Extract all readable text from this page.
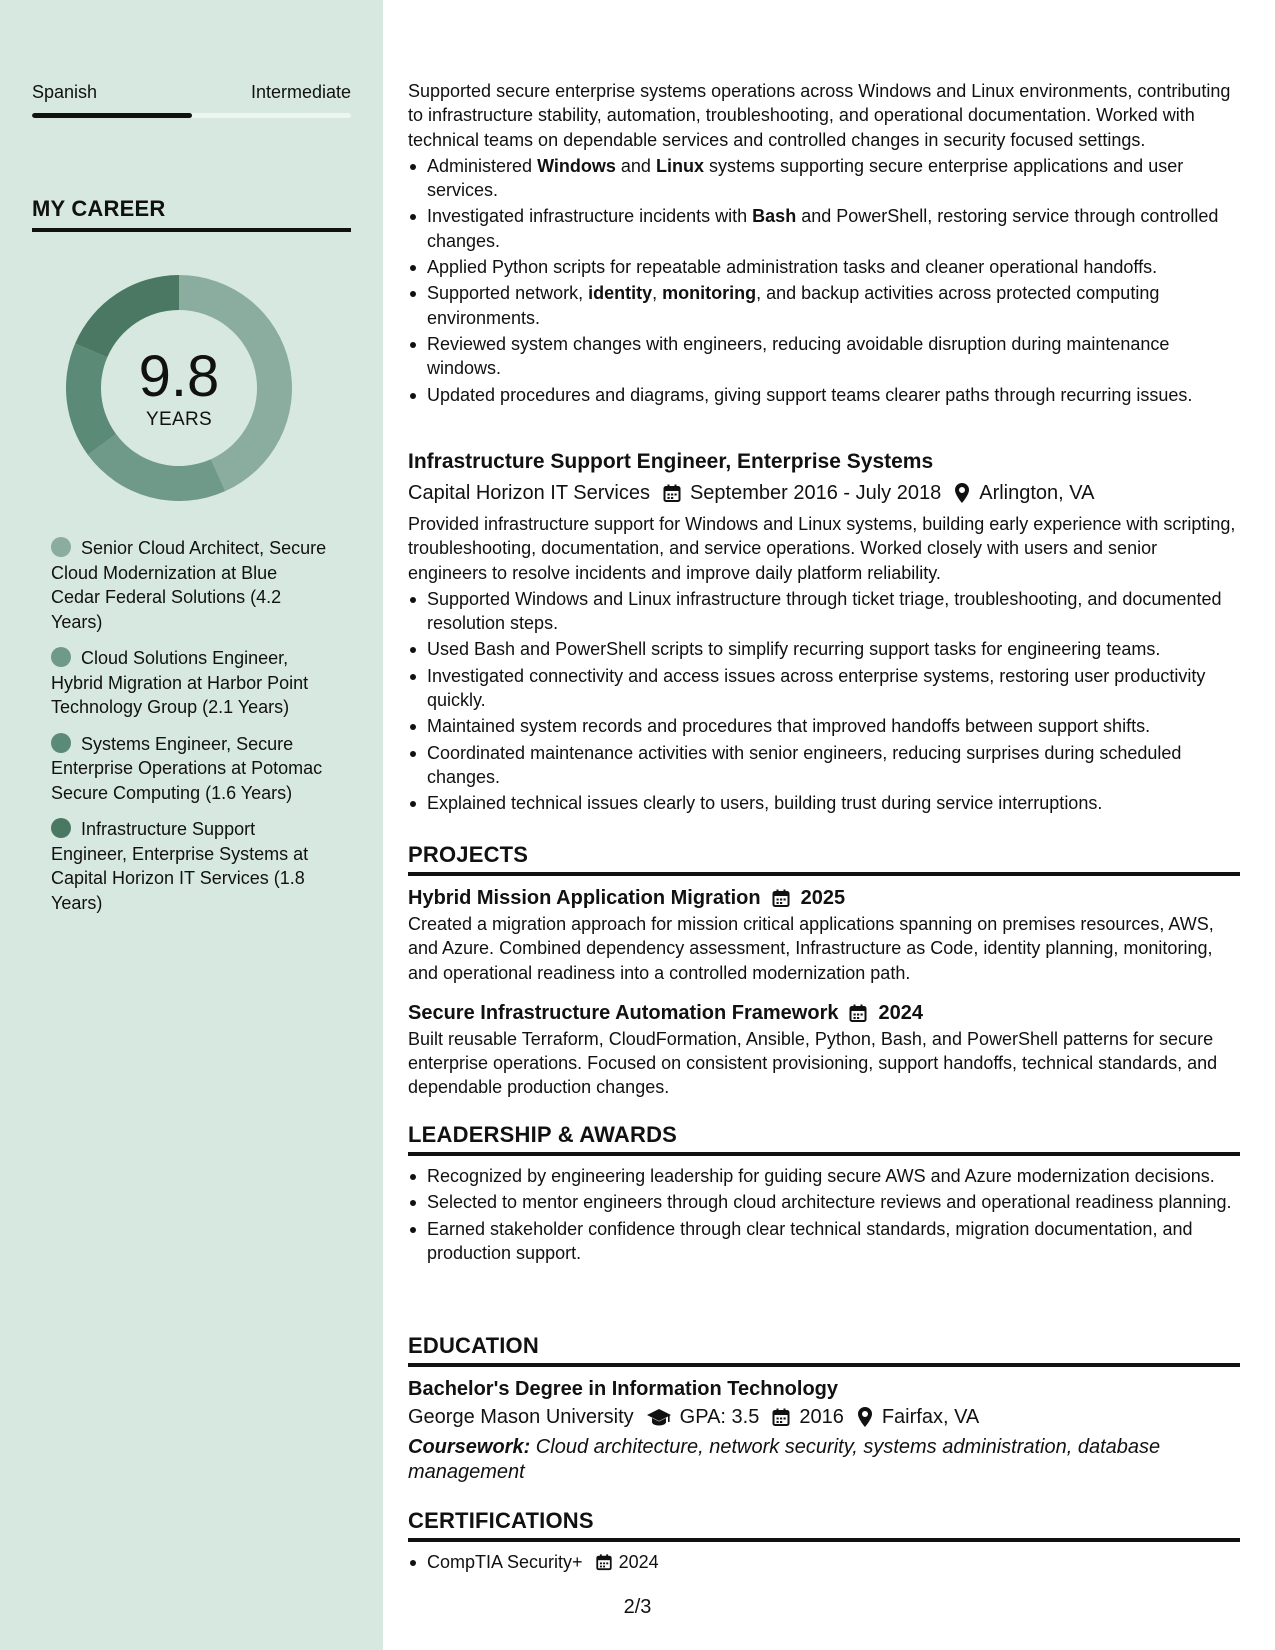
Spanish	Intermediate
MY CAREER
9.8
YEARS
Senior Cloud Architect, Secure Cloud Modernization at Blue Cedar Federal Solutions (4.2 Years)
Cloud Solutions Engineer, Hybrid Migration at Harbor Point Technology Group (2.1 Years)
Systems Engineer, Secure Enterprise Operations at Potomac Secure Computing (1.6 Years)
Infrastructure Support Engineer, Enterprise Systems at Capital Horizon IT Services (1.8 Years)

Supported secure enterprise systems operations across Windows and Linux environments, contributing to infrastructure stability, automation, troubleshooting, and operational documentation. Worked with technical teams on dependable services and controlled changes in security focused settings.

Administered Windows and Linux systems supporting secure enterprise applications and user services.
Investigated infrastructure incidents with Bash and PowerShell, restoring service through controlled changes.
Applied Python scripts for repeatable administration tasks and cleaner operational handoffs.
Supported network, identity, monitoring, and backup activities across protected computing environments.
Reviewed system changes with engineers, reducing avoidable disruption during maintenance windows.
Updated procedures and diagrams, giving support teams clearer paths through recurring issues.
Infrastructure Support Engineer, Enterprise Systems
Capital Horizon IT Services September 2016 - July 2018 Arlington, VA

Provided infrastructure support for Windows and Linux systems, building early experience with scripting, troubleshooting, documentation, and service operations. Worked closely with users and senior engineers to resolve incidents and improve daily platform reliability.

Supported Windows and Linux infrastructure through ticket triage, troubleshooting, and documented resolution steps.
Used Bash and PowerShell scripts to simplify recurring support tasks for engineering teams.
Investigated connectivity and access issues across enterprise systems, restoring user productivity quickly.
Maintained system records and procedures that improved handoffs between support shifts.
Coordinated maintenance activities with senior engineers, reducing surprises during scheduled changes.
Explained technical issues clearly to users, building trust during service interruptions.
PROJECTS
Hybrid Mission Application Migration 2025

Created a migration approach for mission critical applications spanning on premises resources, AWS, and Azure. Combined dependency assessment, Infrastructure as Code, identity planning, monitoring, and operational readiness into a controlled modernization path.

Secure Infrastructure Automation Framework 2024

Built reusable Terraform, CloudFormation, Ansible, Python, Bash, and PowerShell patterns for secure enterprise operations. Focused on consistent provisioning, support handoffs, technical standards, and dependable production changes.

LEADERSHIP & AWARDS
Recognized by engineering leadership for guiding secure AWS and Azure modernization decisions.
Selected to mentor engineers through cloud architecture reviews and operational readiness planning.
Earned stakeholder confidence through clear technical standards, migration documentation, and production support.
EDUCATION
Bachelor's Degree in Information Technology
George Mason University GPA: 3.5 2016 Fairfax, VA

Coursework: Cloud architecture, network security, systems administration, database management

CERTIFICATIONS
CompTIA Security+ 2024
2/3
